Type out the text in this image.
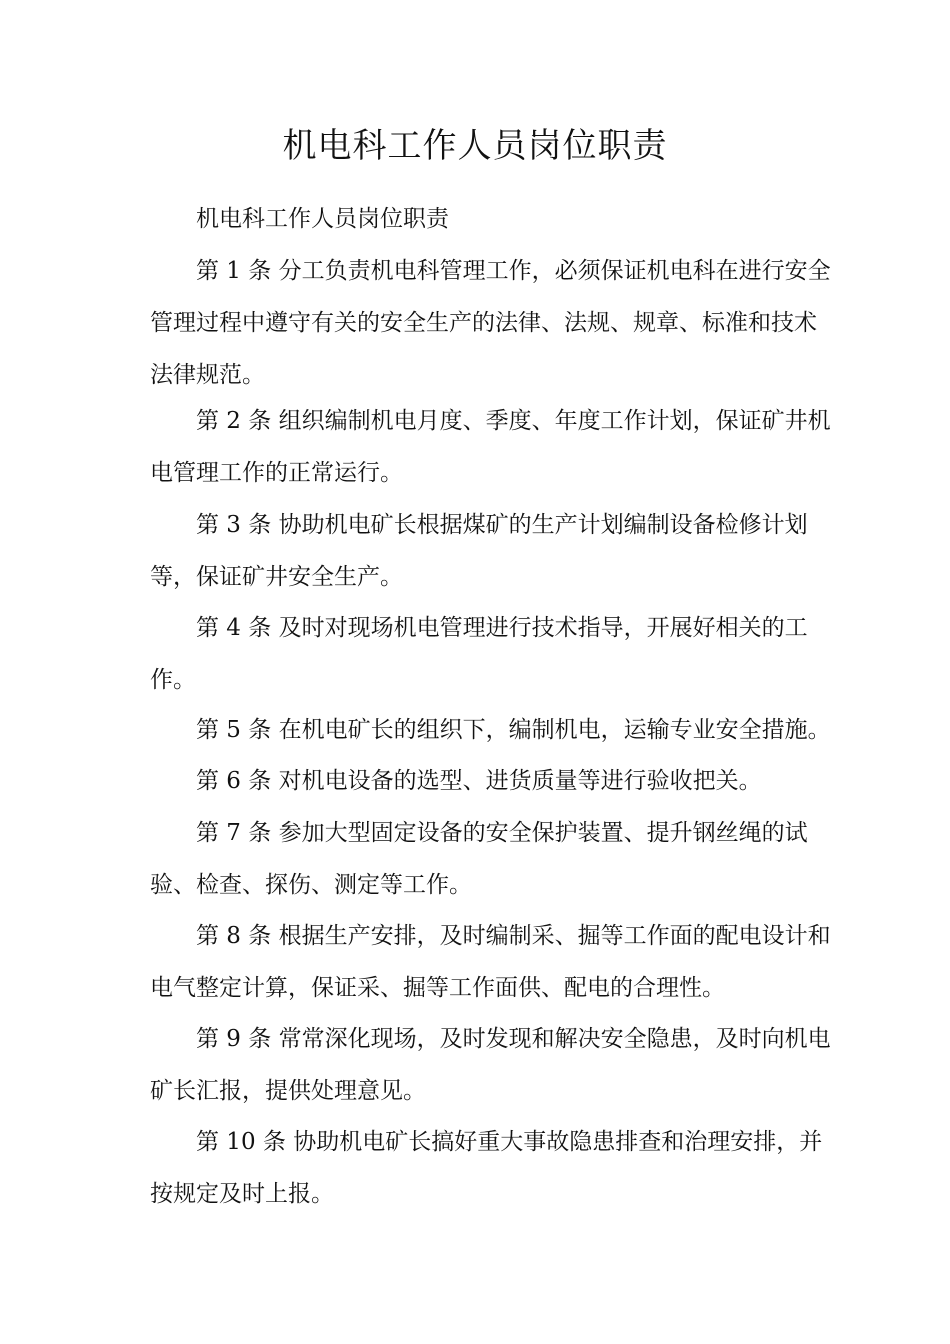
机电科工作人员岗位职责

机电科工作人员岗位职责

第 1 条 分工负责机电科管理工作，必须保证机电科在进行安全
管理过程中遵守有关的安全生产的法律、法规、规章、标准和技术
法律规范。

第 2 条 组织编制机电月度、季度、年度工作计划，保证矿井机
电管理工作的正常运行。

第 3 条 协助机电矿长根据煤矿的生产计划编制设备检修计划
等，保证矿井安全生产。

第 4 条 及时对现场机电管理进行技术指导，开展好相关的工
作。

第 5 条 在机电矿长的组织下，编制机电，运输专业安全措施。

第 6 条 对机电设备的选型、进货质量等进行验收把关。

第 7 条 参加大型固定设备的安全保护装置、提升钢丝绳的试
验、检查、探伤、测定等工作。

第 8 条 根据生产安排，及时编制采、掘等工作面的配电设计和
电气整定计算，保证采、掘等工作面供、配电的合理性。

第 9 条 常常深化现场，及时发现和解决安全隐患，及时向机电
矿长汇报，提供处理意见。

第 10 条 协助机电矿长搞好重大事故隐患排查和治理安排，并
按规定及时上报。
